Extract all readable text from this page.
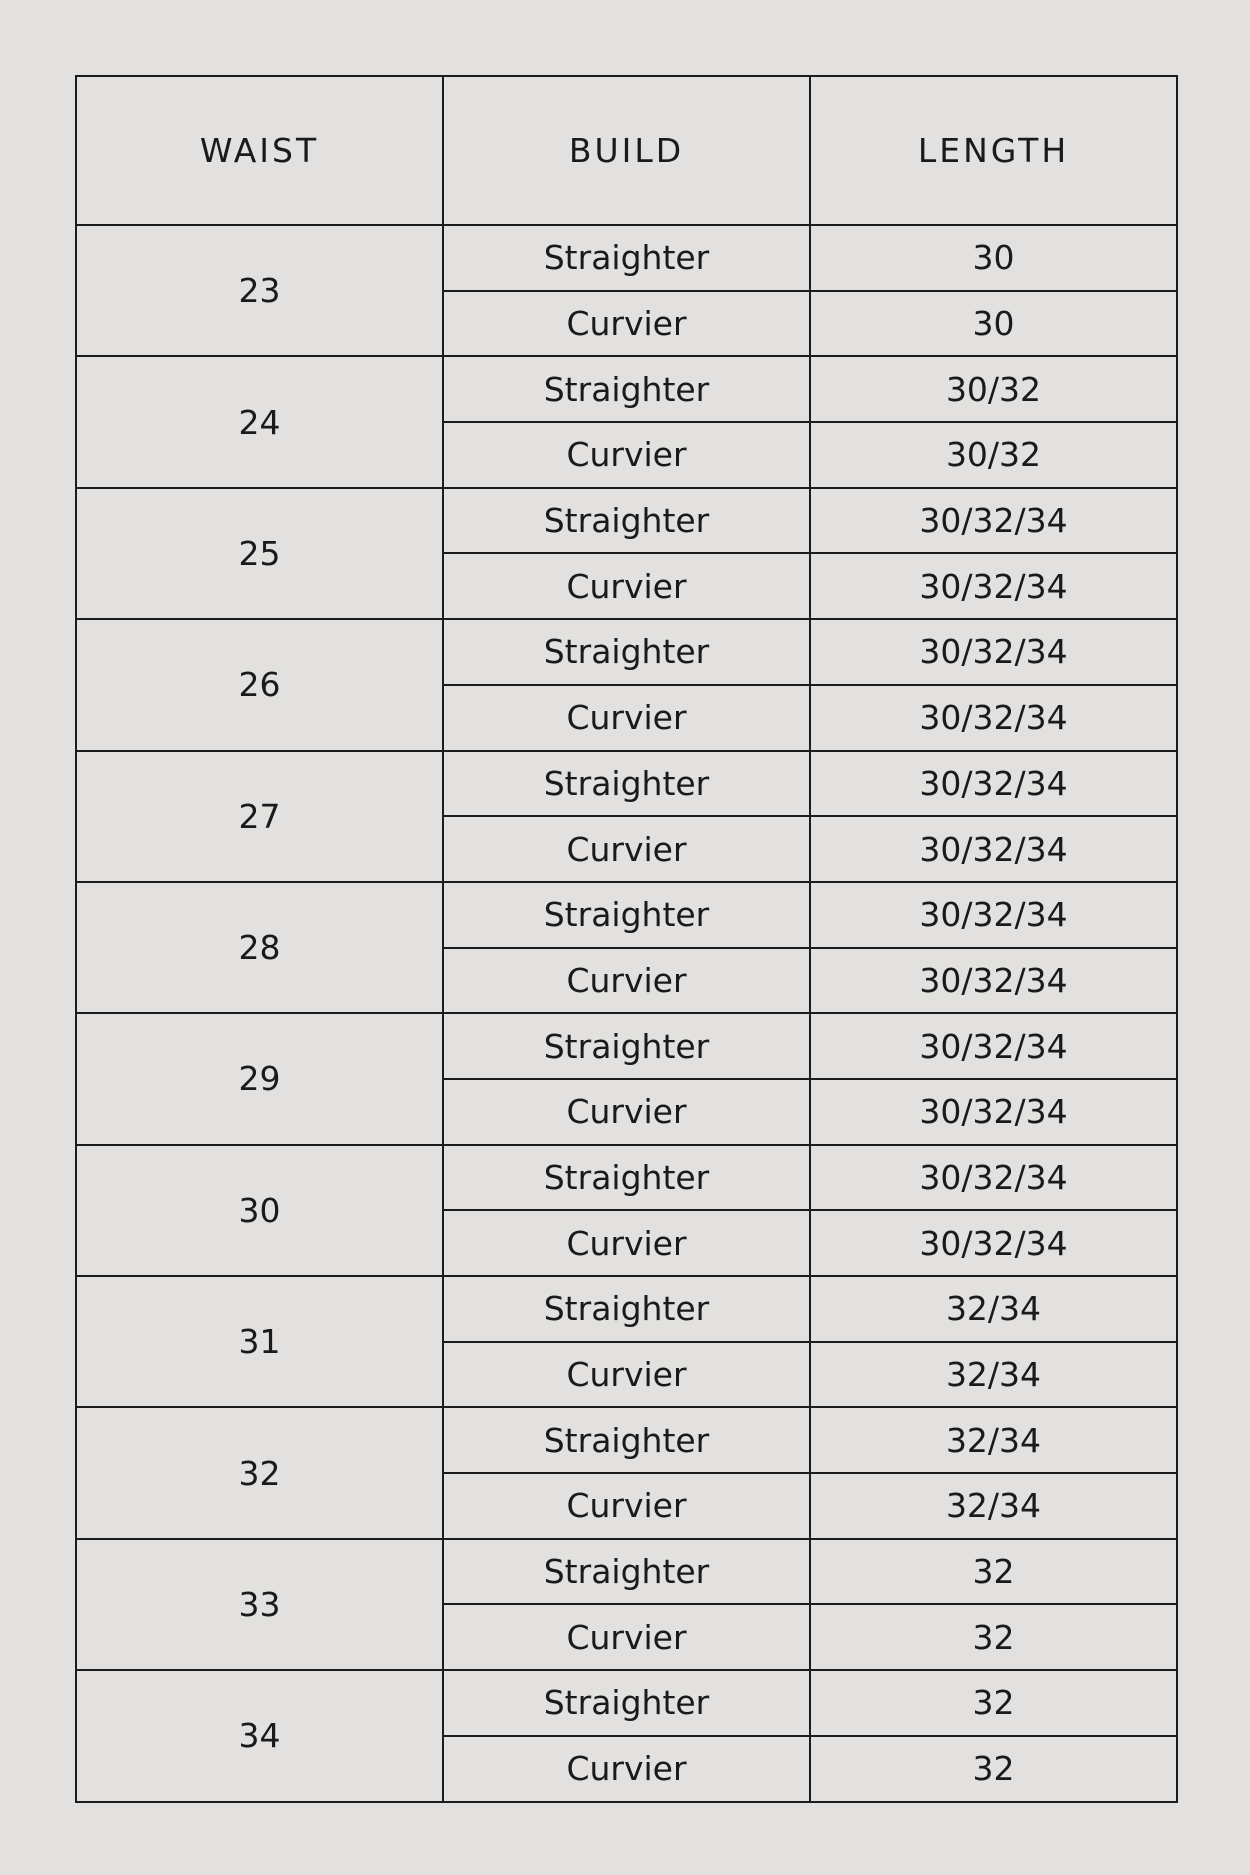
WAIST	BUILD	LENGTH
23	Straighter	30
	Curvier	30
24	Straighter	30/32
	Curvier	30/32
25	Straighter	30/32/34
	Curvier	30/32/34
26	Straighter	30/32/34
	Curvier	30/32/34
27	Straighter	30/32/34
	Curvier	30/32/34
28	Straighter	30/32/34
	Curvier	30/32/34
29	Straighter	30/32/34
	Curvier	30/32/34
30	Straighter	30/32/34
	Curvier	30/32/34
31	Straighter	32/34
	Curvier	32/34
32	Straighter	32/34
	Curvier	32/34
33	Straighter	32
	Curvier	32
34	Straighter	32
	Curvier	32
